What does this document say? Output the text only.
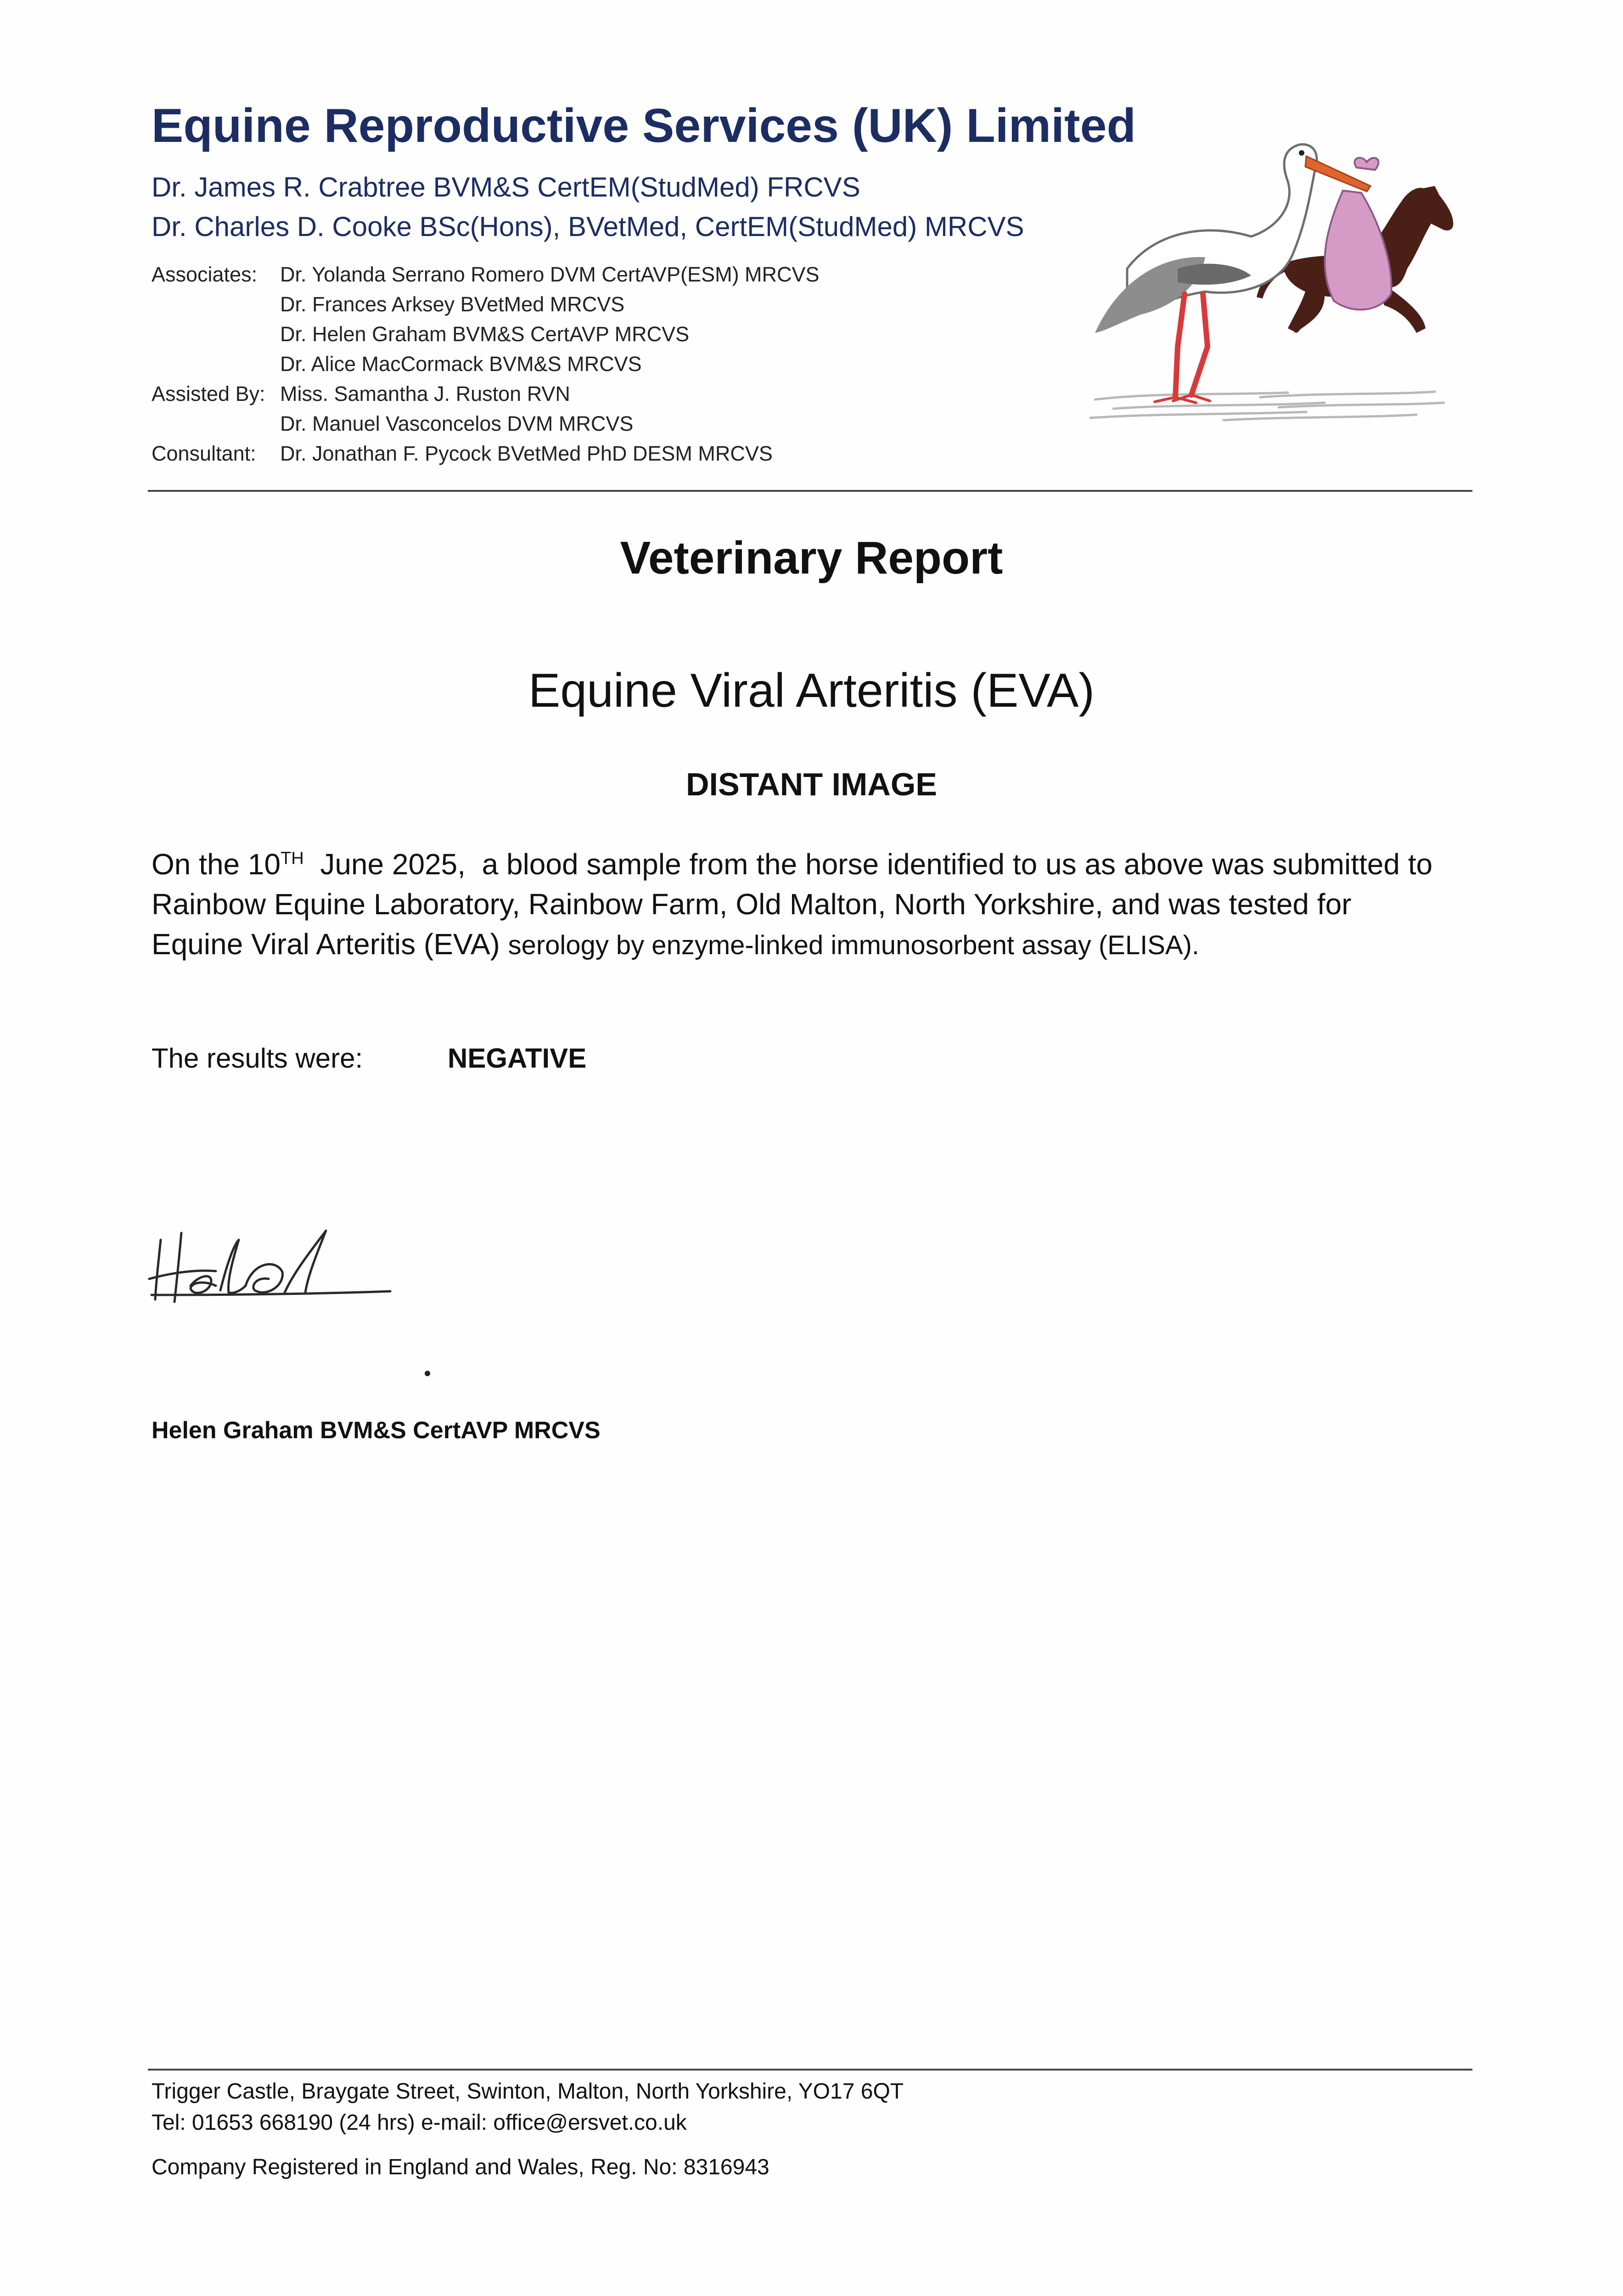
Equine Reproductive Services (UK) Limited
Dr. James R. Crabtree BVM&S CertEM(StudMed) FRCVS
Dr. Charles D. Cooke BSc(Hons), BVetMed, CertEM(StudMed) MRCVS
Associates: Dr. Yolanda Serrano Romero DVM CertAVP(ESM) MRCVS
Dr. Frances Arksey BVetMed MRCVS
Dr. Helen Graham BVM&S CertAVP MRCVS
Dr. Alice MacCormack BVM&S MRCVS
Assisted By: Miss. Samantha J. Ruston RVN
Dr. Manuel Vasconcelos DVM MRCVS
Consultant: Dr. Jonathan F. Pycock BVetMed PhD DESM MRCVS
Veterinary Report
Equine Viral Arteritis (EVA)
DISTANT IMAGE
On the 10TH  June 2025,  a blood sample from the horse identified to us as above was submitted to
Rainbow Equine Laboratory, Rainbow Farm, Old Malton, North Yorkshire, and was tested for
Equine Viral Arteritis (EVA) serology by enzyme-linked immunosorbent assay (ELISA).
The results were:	NEGATIVE
Helen Graham BVM&S CertAVP MRCVS
Trigger Castle, Braygate Street, Swinton, Malton, North Yorkshire, YO17 6QT
Tel: 01653 668190 (24 hrs) e-mail: office@ersvet.co.uk
Company Registered in England and Wales, Reg. No: 8316943
